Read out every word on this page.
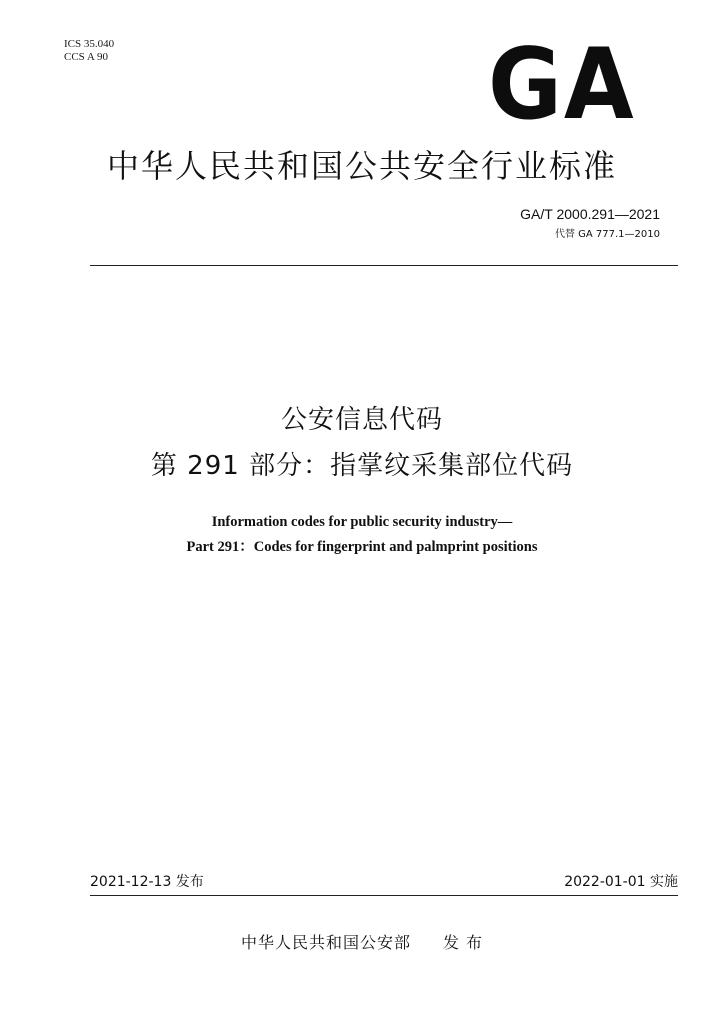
ICS 35.040
CCS A 90	GA
中华人民共和国公共安全行业标准
GA/T 2000.291—2021
代替 GA 777.1—2010
公安信息代码
第 291 部分：指掌纹采集部位代码
Information codes for public security industry—
Part 291：Codes for fingerprint and palmprint positions
2021-12-13 发布	2022-01-01 实施
中华人民共和国公安部 发 布
